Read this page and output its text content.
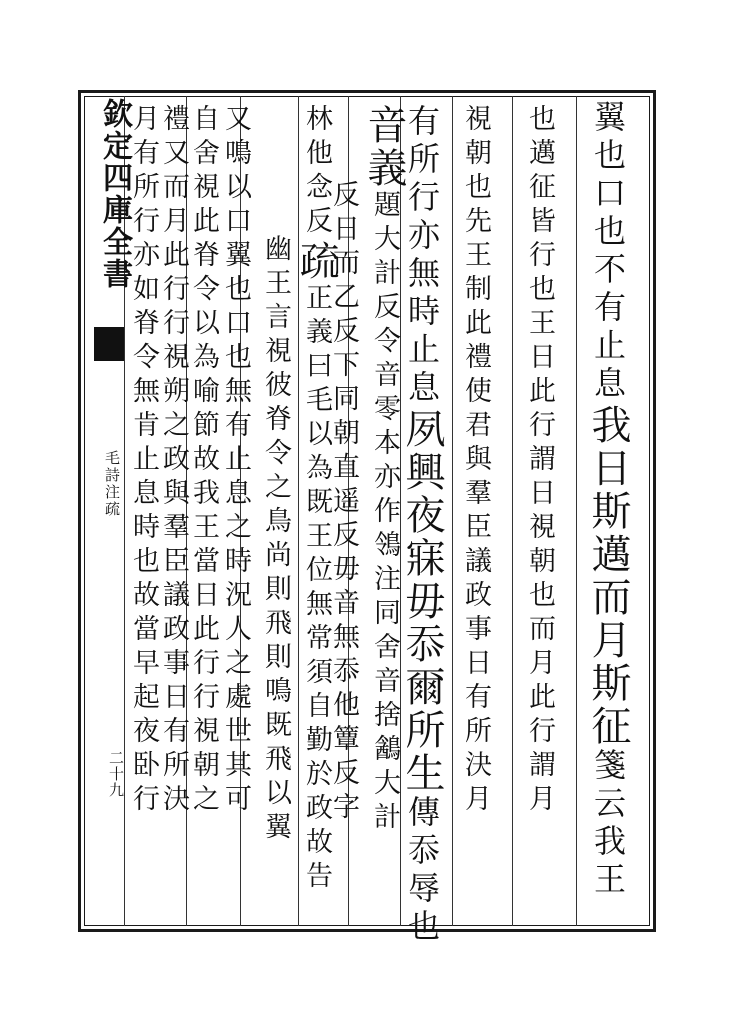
欽定四庫全書
毛詩注疏
二十九
翼也口也不有止息我日斯邁而月斯征箋云我王
也邁征皆行也王日此行謂日視朝也而月此行謂月
視朝也先王制此禮使君與羣臣議政事日有所決月
有所行亦無時止息夙興夜寐毋忝爾所生傳忝辱也
音義題大計反令音零本亦作鴒注同舍音捨䳺大計
反日而乙反下同朝直遥反毋音無忝他簟反字
林他念反疏正義曰毛以為既王位無常須自勤於政故告
幽王言視彼脊令之鳥尚則飛則鳴既飛以翼
又鳴以口翼也口也無有止息之時況人之處世其可
自舍視此脊令以為喻節故我王當日此行行視朝之
禮又而月此行行視朔之政與羣臣議政事日有所決
月有所行亦如脊令無肯止息時也故當早起夜卧行
